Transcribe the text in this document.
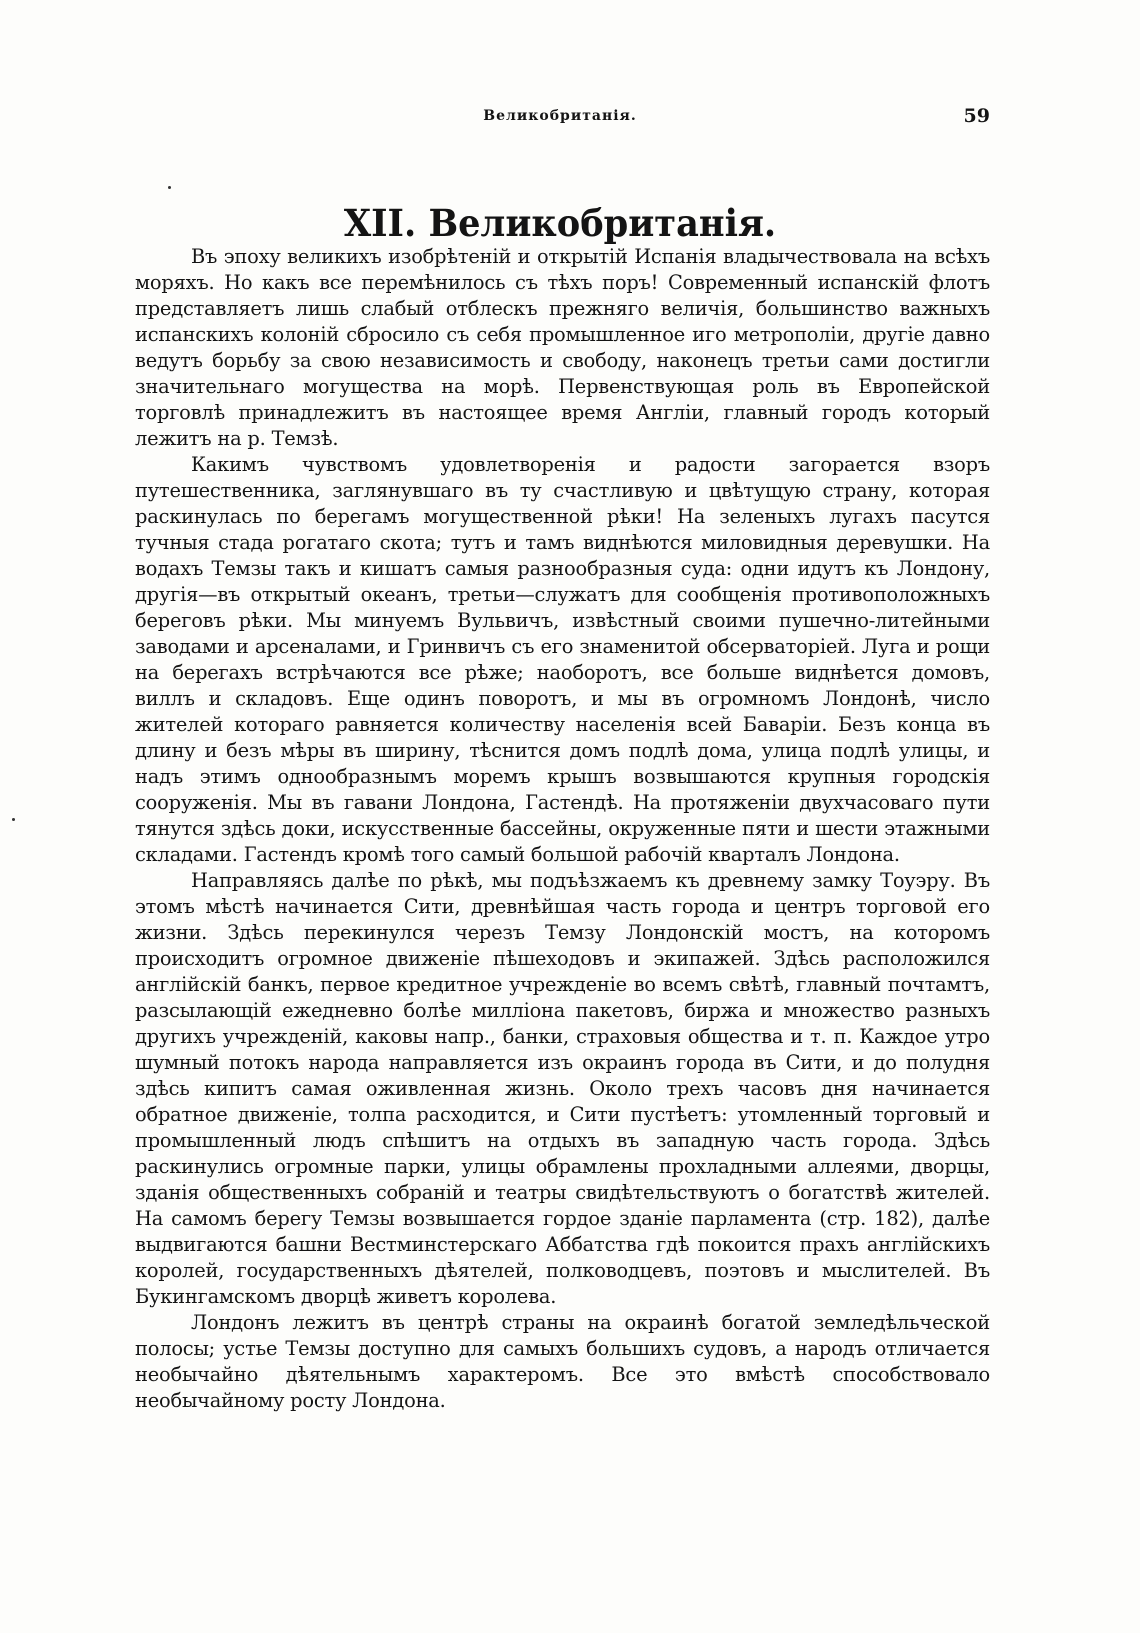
Великобританія.	59
XII. Великобританія.

Въ эпоху великихъ изобрѣтеній и открытій Испанія владычествовала на всѣхъ моряхъ. Но какъ все перемѣнилось съ тѣхъ поръ! Современный испанскій флотъ представляетъ лишь слабый отблескъ прежняго величія, большинство важныхъ испанскихъ колоній сбросило съ себя промышленное иго метрополіи, другіе давно ведутъ борьбу за свою независимость и свободу, наконецъ третьи сами достигли значительнаго могущества на морѣ. Первенствующая роль въ Европейской торговлѣ принадлежитъ въ настоящее время Англіи, главный городъ который лежитъ на р. Темзѣ.

Какимъ чувствомъ удовлетворенія и радости загорается взоръ путешественника, заглянувшаго въ ту счастливую и цвѣтущую страну, которая раскинулась по берегамъ могущественной рѣки! На зеленыхъ лугахъ пасутся тучныя стада рогатаго скота; тутъ и тамъ виднѣются миловидныя деревушки. На водахъ Темзы такъ и кишатъ самыя разнообразныя суда: одни идутъ къ Лондону, другія—въ открытый океанъ, третьи—служатъ для сообщенія противоположныхъ береговъ рѣки. Мы минуемъ Вульвичъ, извѣстный своими пушечно-литейными заводами и арсеналами, и Гринвичъ съ его знаменитой обсерваторіей. Луга и рощи на берегахъ встрѣчаются все рѣже; наоборотъ, все больше виднѣется домовъ, виллъ и складовъ. Еще одинъ поворотъ, и мы въ огромномъ Лондонѣ, число жителей котораго равняется количеству населенія всей Баваріи. Безъ конца въ длину и безъ мѣры въ ширину, тѣснится домъ подлѣ дома, улица подлѣ улицы, и надъ этимъ однообразнымъ моремъ крышъ возвышаются крупныя городскія сооруженія. Мы въ гавани Лондона, Гастендѣ. На протяженіи двухчасоваго пути тянутся здѣсь доки, искусственные бассейны, окруженные пяти и шести этажными складами. Гастендъ кромѣ того самый большой рабочій кварталъ Лондона.

Направляясь далѣе по рѣкѣ, мы подъѣзжаемъ къ древнему замку Тоуэру. Въ этомъ мѣстѣ начинается Сити, древнѣйшая часть города и центръ торговой его жизни. Здѣсь перекинулся черезъ Темзу Лондонскій мостъ, на которомъ происходитъ огромное движеніе пѣшеходовъ и экипажей. Здѣсь расположился англійскій банкъ, первое кредитное учрежденіе во всемъ свѣтѣ, главный почтамтъ, разсылающій ежедневно болѣе милліона пакетовъ, биржа и множество разныхъ другихъ учрежденій, каковы напр., банки, страховыя общества и т. п. Каждое утро шумный потокъ народа направляется изъ окраинъ города въ Сити, и до полудня здѣсь кипитъ самая оживленная жизнь. Около трехъ часовъ дня начинается обратное движеніе, толпа расходится, и Сити пустѣетъ: утомленный торговый и промышленный людъ спѣшитъ на отдыхъ въ западную часть города. Здѣсь раскинулись огромные парки, улицы обрамлены прохладными аллеями, дворцы, зданія общественныхъ собраній и театры свидѣтельствуютъ о богатствѣ жителей. На самомъ берегу Темзы возвышается гордое зданіе парламента (стр. 182), далѣе выдвигаются башни Вестминстерскаго Аббатства гдѣ покоится прахъ англійскихъ королей, государственныхъ дѣятелей, полководцевъ, поэтовъ и мыслителей. Въ Букингамскомъ дворцѣ живетъ королева.

Лондонъ лежитъ въ центрѣ страны на окраинѣ богатой земледѣльческой полосы; устье Темзы доступно для самыхъ большихъ судовъ, а народъ отличается необычайно дѣятельнымъ характеромъ. Все это вмѣстѣ способствовало необычайному росту Лондона.
